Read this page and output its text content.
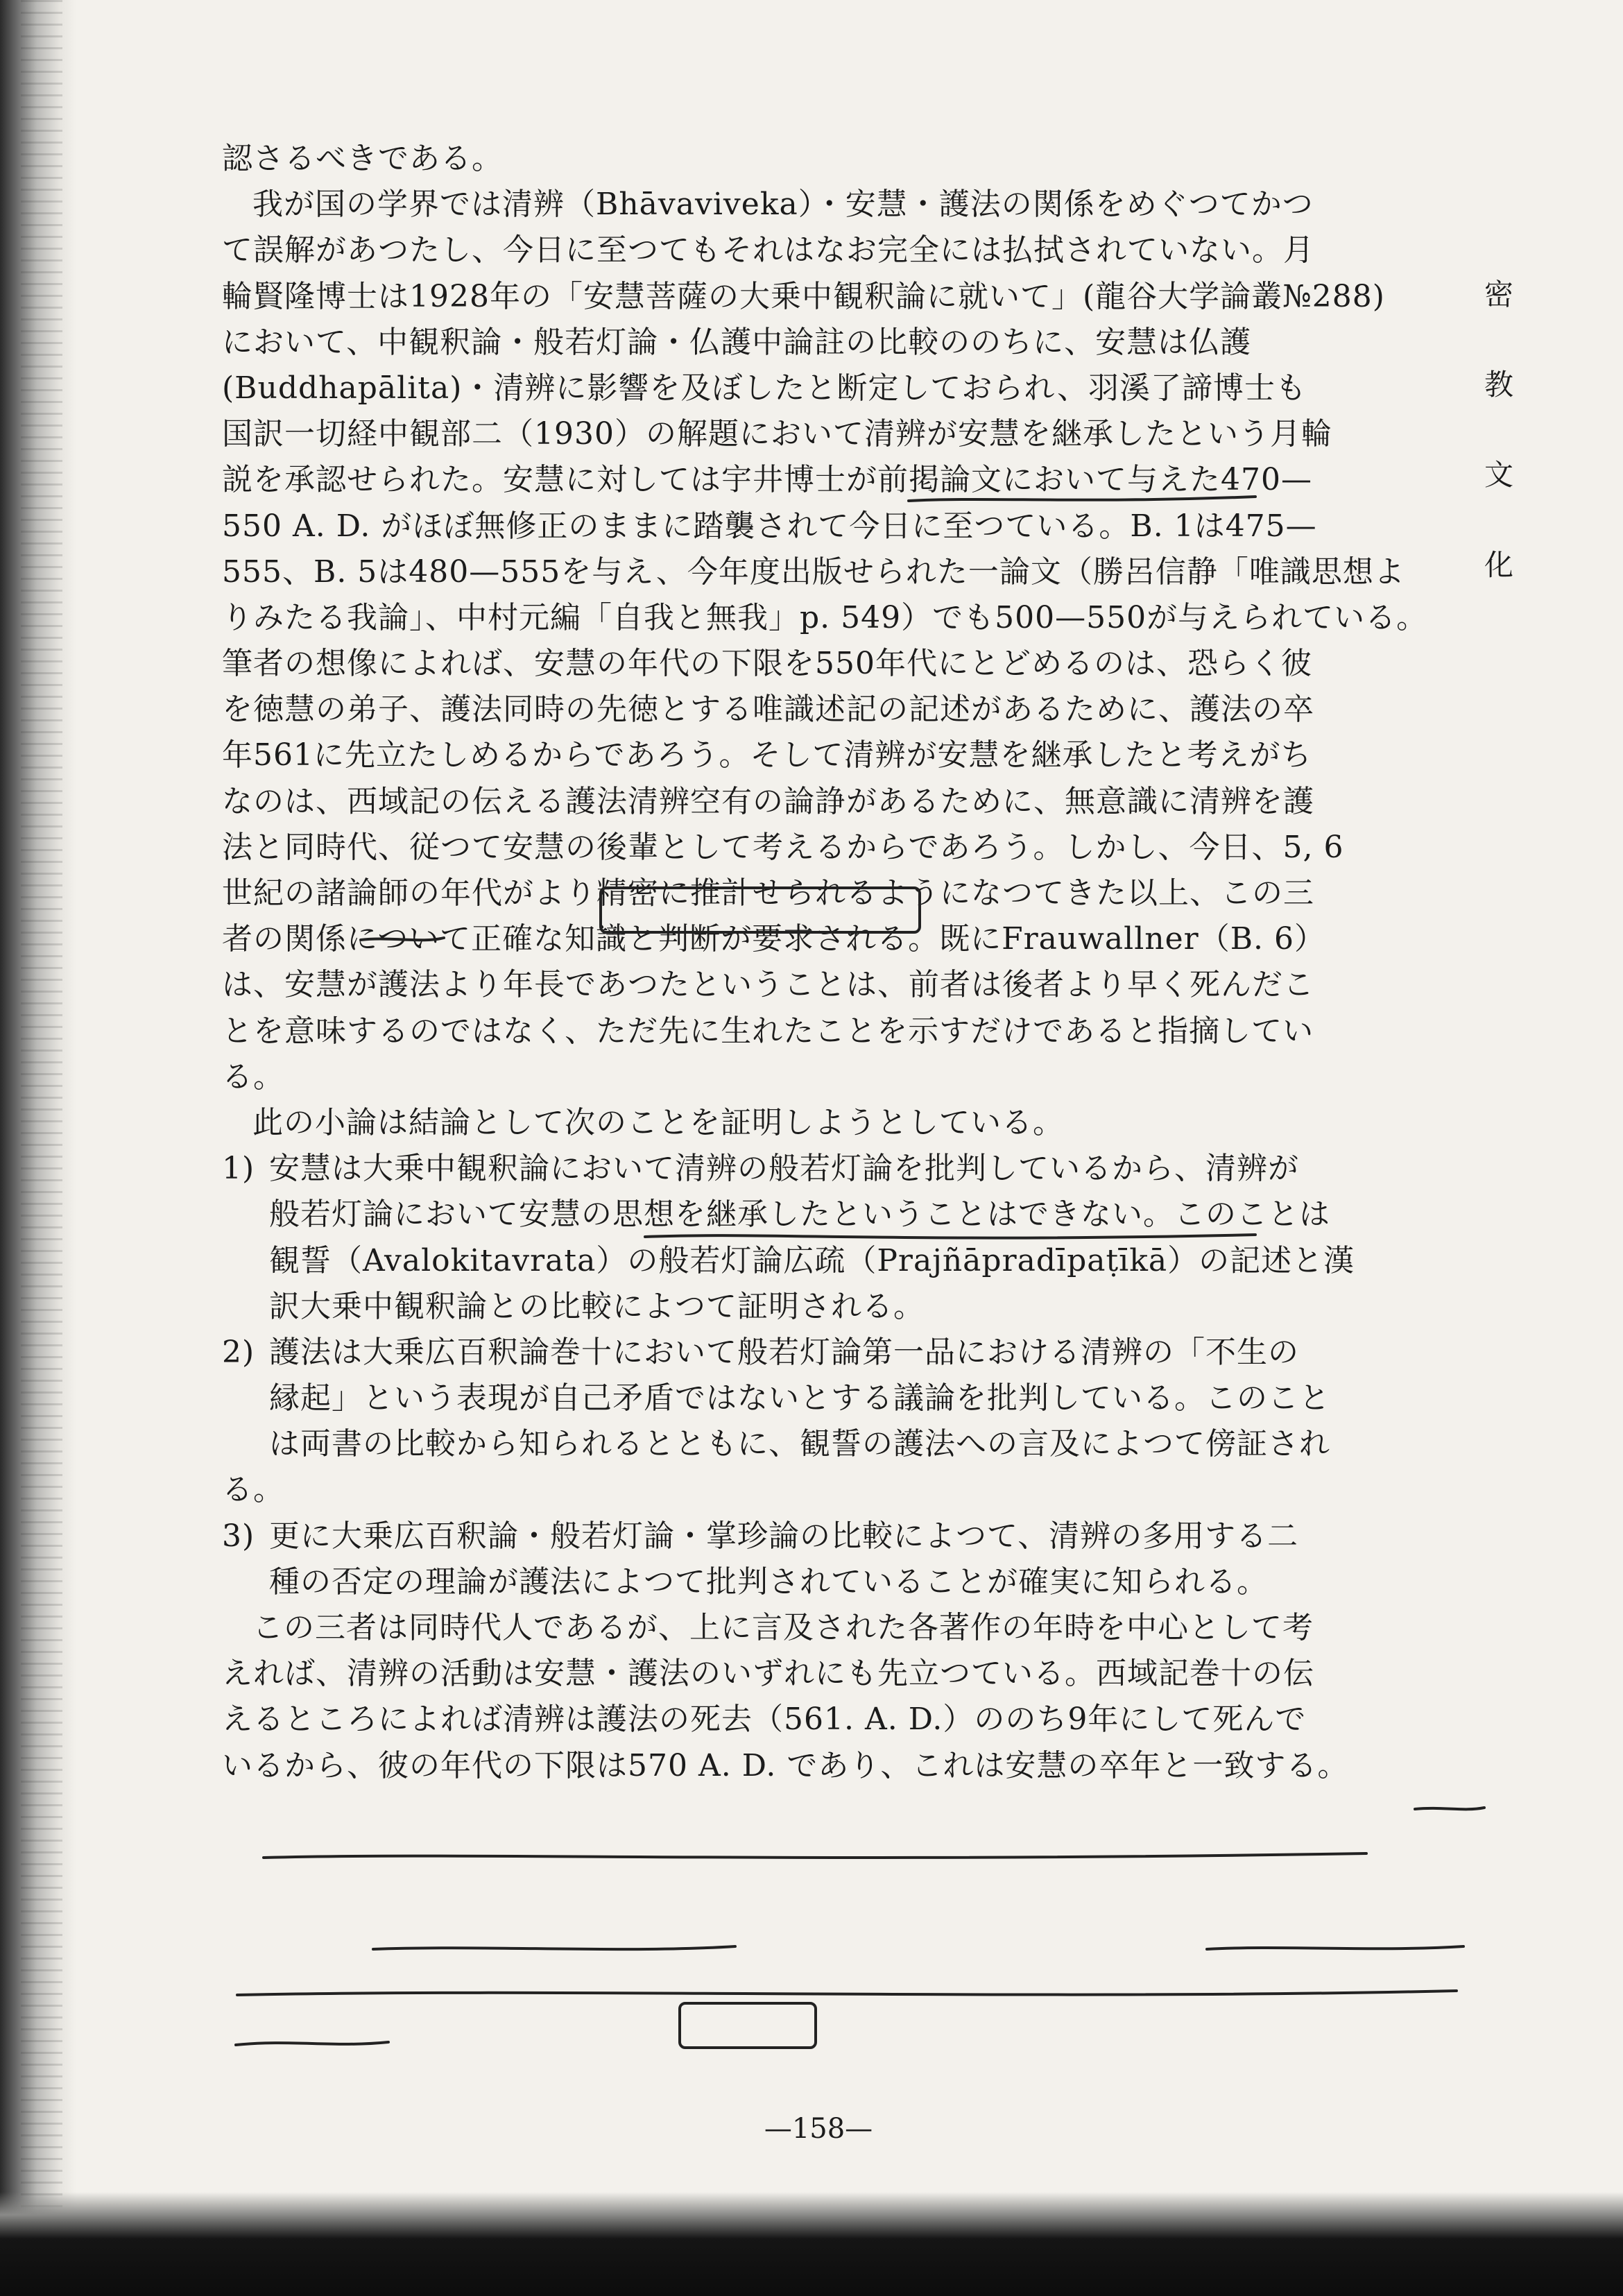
密
教
文
化
認さるべきである。
我が国の学界では清辨（Bhāvaviveka）・安慧・護法の関係をめぐつてかつ
て誤解があつたし、今日に至つてもそれはなお完全には払拭されていない。月
輪賢隆博士は1928年の「安慧菩薩の大乗中観釈論に就いて」(龍谷大学論叢№288)
において、中観釈論・般若灯論・仏護中論註の比較ののちに、安慧は仏護
(Buddhapālita)・清辨に影響を及ぼしたと断定しておられ、羽溪了諦博士も
国訳一切経中観部二（1930）の解題において清辨が安慧を継承したという月輪
説を承認せられた。安慧に対しては宇井博士が前掲論文において与えた470—
550 A. D. がほぼ無修正のままに踏襲されて今日に至つている。B. 1は475—
555、B. 5は480—555を与え、今年度出版せられた一論文（勝呂信静「唯識思想よ
りみたる我論」、中村元編「自我と無我」p. 549）でも500—550が与えられている。
筆者の想像によれば、安慧の年代の下限を550年代にとどめるのは、恐らく彼
を徳慧の弟子、護法同時の先徳とする唯識述記の記述があるために、護法の卒
年561に先立たしめるからであろう。そして清辨が安慧を継承したと考えがち
なのは、西域記の伝える護法清辨空有の論諍があるために、無意識に清辨を護
法と同時代、従つて安慧の後輩として考えるからであろう。しかし、今日、5, 6
世紀の諸論師の年代がより精密に推計せられるようになつてきた以上、この三
者の関係について正確な知識と判断が要求される。既にFrauwallner（B. 6）
は、安慧が護法より年長であつたということは、前者は後者より早く死んだこ
とを意味するのではなく、ただ先に生れたことを示すだけであると指摘してい
る。
此の小論は結論として次のことを証明しようとしている。
1) 安慧は大乗中観釈論において清辨の般若灯論を批判しているから、清辨が
般若灯論において安慧の思想を継承したということはできない。このことは
観誓（Avalokitavrata）の般若灯論広疏（Prajñāpradīpaṭīkā）の記述と漢
訳大乗中観釈論との比較によつて証明される。
2) 護法は大乗広百釈論巻十において般若灯論第一品における清辨の「不生の
縁起」という表現が自己矛盾ではないとする議論を批判している。このこと
は両書の比較から知られるとともに、観誓の護法への言及によつて傍証され
る。
3) 更に大乗広百釈論・般若灯論・掌珍論の比較によつて、清辨の多用する二
種の否定の理論が護法によつて批判されていることが確実に知られる。
この三者は同時代人であるが、上に言及された各著作の年時を中心として考
えれば、清辨の活動は安慧・護法のいずれにも先立つている。西域記巻十の伝
えるところによれば清辨は護法の死去（561. A. D.）ののち9年にして死んで
いるから、彼の年代の下限は570 A. D. であり、これは安慧の卒年と一致する。
—158—
